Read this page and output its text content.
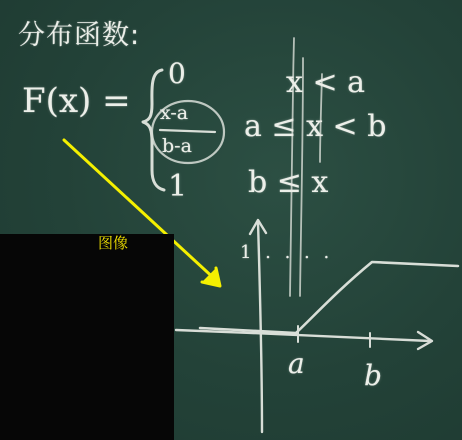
分布函数:
F(x) =
0
x-a
b-a
1
x < a
a ≤ x < b
b ≤ x
1 . . . .
a b
图像
